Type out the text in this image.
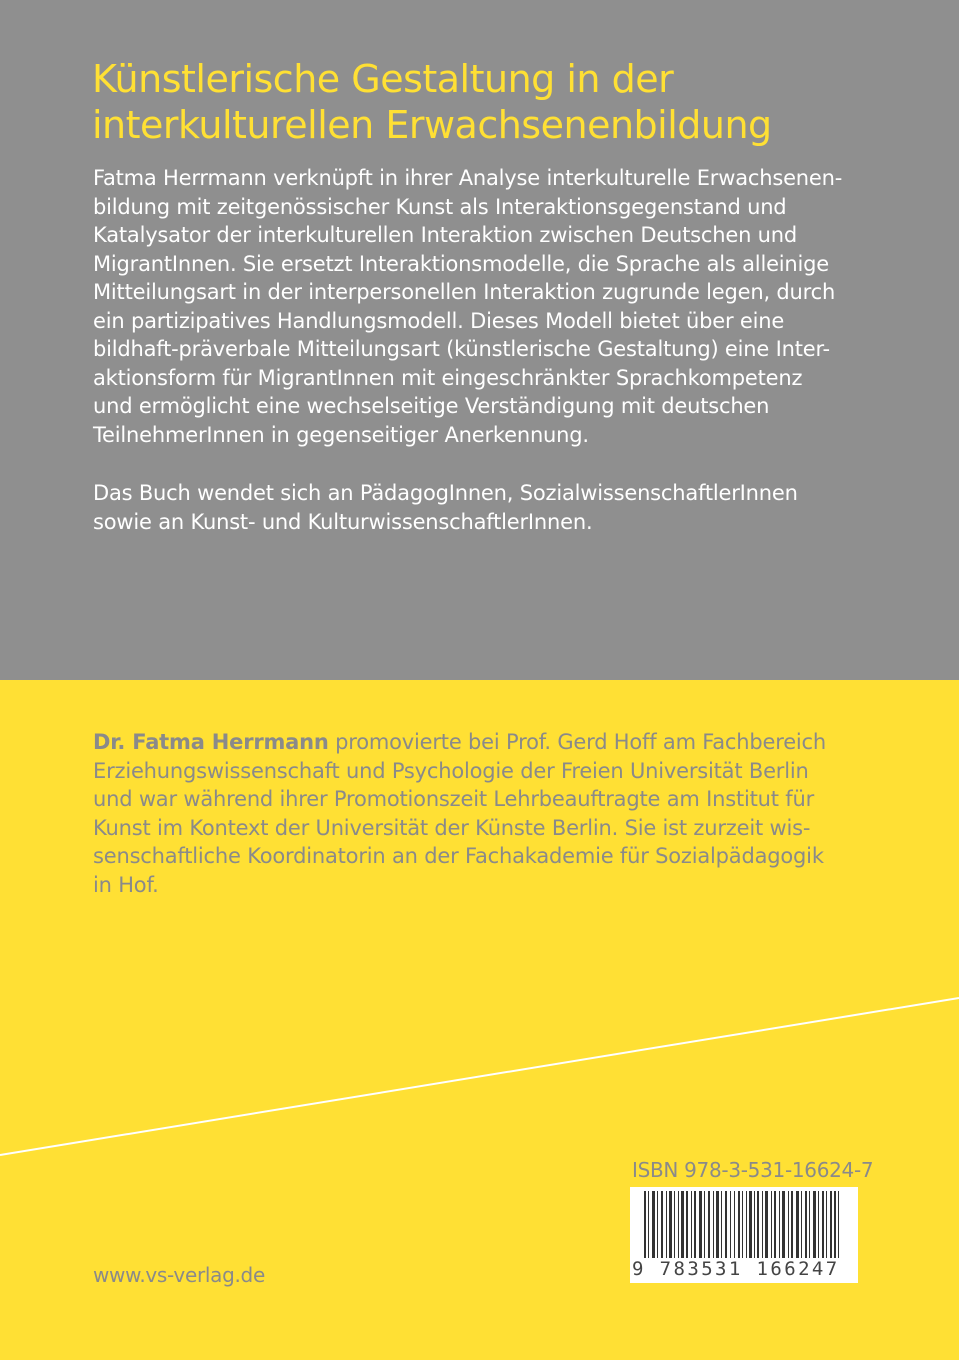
Künstlerische Gestaltung in der
interkulturellen Erwachsenenbildung
Fatma Herrmann verknüpft in ihrer Analyse interkulturelle Erwachsenen-
bildung mit zeitgenössischer Kunst als Interaktionsgegenstand und
Katalysator der interkulturellen Interaktion zwischen Deutschen und
MigrantInnen. Sie ersetzt Interaktionsmodelle, die Sprache als alleinige
Mitteilungsart in der interpersonellen Interaktion zugrunde legen, durch
ein partizipatives Handlungsmodell. Dieses Modell bietet über eine
bildhaft-präverbale Mitteilungsart (künstlerische Gestaltung) eine Inter-
aktionsform für MigrantInnen mit eingeschränkter Sprachkompetenz
und ermöglicht eine wechselseitige Verständigung mit deutschen
TeilnehmerInnen in gegenseitiger Anerkennung.
Das Buch wendet sich an PädagogInnen, SozialwissenschaftlerInnen
sowie an Kunst- und KulturwissenschaftlerInnen.
Dr. Fatma Herrmann promovierte bei Prof. Gerd Hoff am Fachbereich
Erziehungswissenschaft und Psychologie der Freien Universität Berlin
und war während ihrer Promotionszeit Lehrbeauftragte am Institut für
Kunst im Kontext der Universität der Künste Berlin. Sie ist zurzeit wis-
senschaftliche Koordinatorin an der Fachakademie für Sozialpädagogik
in Hof.
ISBN 978-3-531-16624-7
9 783531 166247
www.vs-verlag.de
